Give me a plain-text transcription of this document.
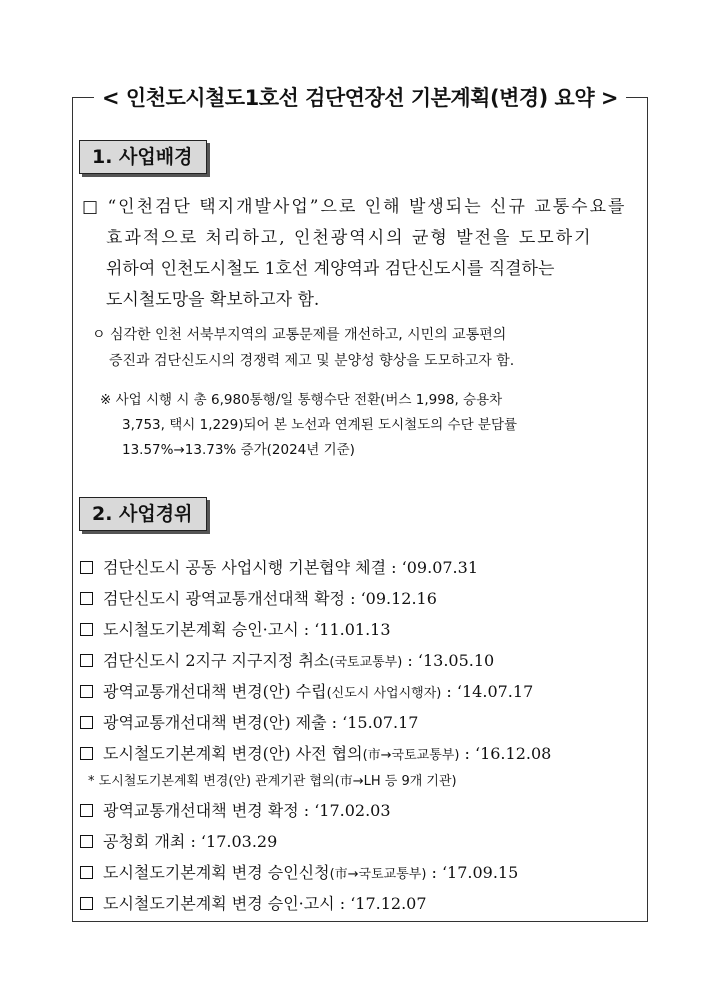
< 인천도시철도1호선 검단연장선 기본계획(변경) 요약 >
1. 사업배경
□ “인천검단 택지개발사업”으로 인해 발생되는 신규 교통수요를
효과적으로 처리하고, 인천광역시의 균형 발전을 도모하기
위하여 인천도시철도 1호선 계양역과 검단신도시를 직결하는
도시철도망을 확보하고자 함.
ㅇ 심각한 인천 서북부지역의 교통문제를 개선하고, 시민의 교통편의
증진과 검단신도시의 경쟁력 제고 및 분양성 향상을 도모하고자 함.
※ 사업 시행 시 총 6,980통행/일 통행수단 전환(버스 1,998, 승용차
3,753, 택시 1,229)되어 본 노선과 연계된 도시철도의 수단 분담률
13.57%→13.73% 증가(2024년 기준)
2. 사업경위
검단신도시 공동 사업시행 기본협약 체결 : ‘09.07.31
검단신도시 광역교통개선대책 확정 : ‘09.12.16
도시철도기본계획 승인·고시 : ‘11.01.13
검단신도시 2지구 지구지정 취소(국토교통부) : ‘13.05.10
광역교통개선대책 변경(안) 수립(신도시 사업시행자) : ‘14.07.17
광역교통개선대책 변경(안) 제출 : ‘15.07.17
도시철도기본계획 변경(안) 사전 협의(市→국토교통부) : ‘16.12.08
* 도시철도기본계획 변경(안) 관계기관 협의(市→LH 등 9개 기관)
광역교통개선대책 변경 확정 : ‘17.02.03
공청회 개최 : ‘17.03.29
도시철도기본계획 변경 승인신청(市→국토교통부) : ‘17.09.15
도시철도기본계획 변경 승인·고시 : ‘17.12.07
